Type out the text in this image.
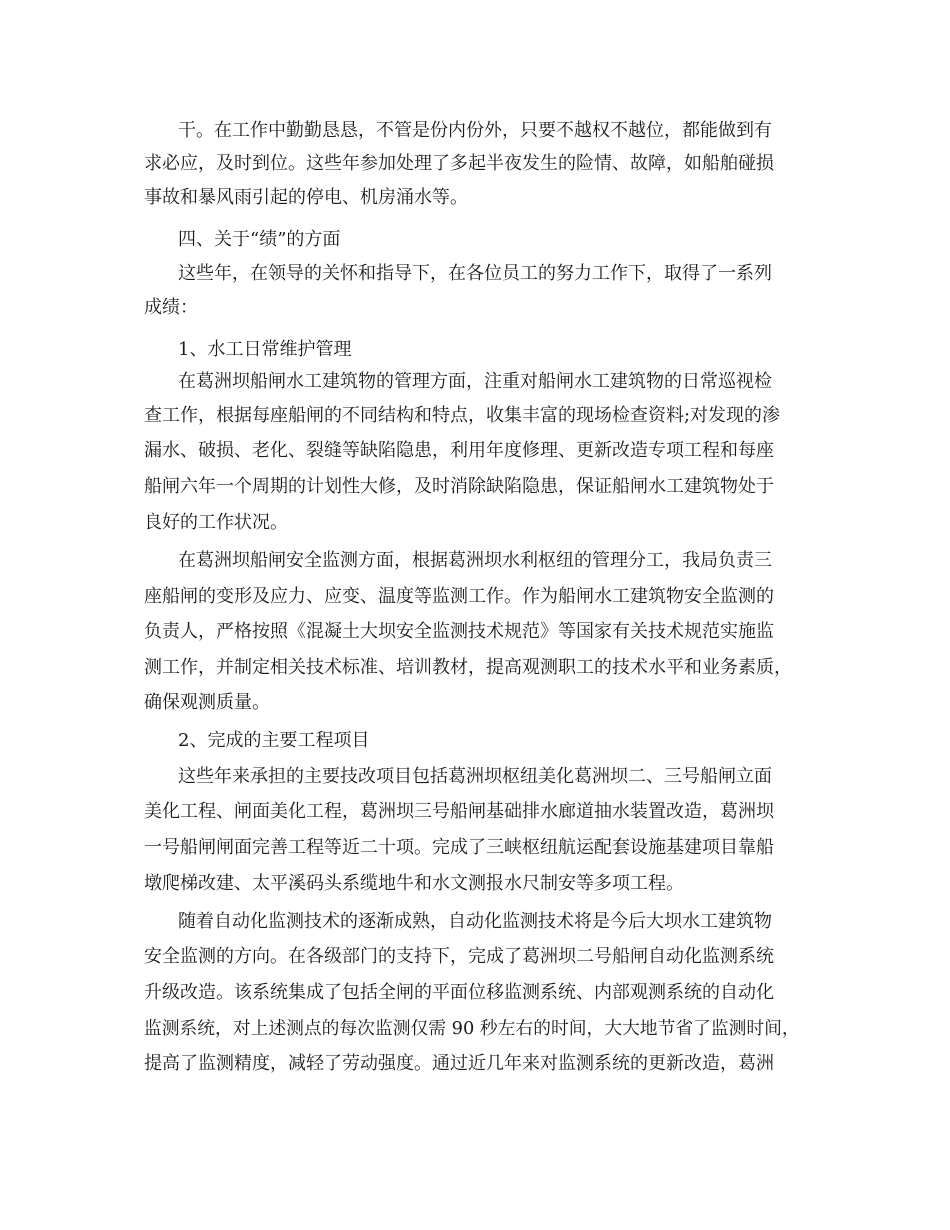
干。在工作中勤勤恳恳，不管是份内份外，只要不越权不越位，都能做到有
求必应，及时到位。这些年参加处理了多起半夜发生的险情、故障，如船舶碰损
事故和暴风雨引起的停电、机房涌水等。
四、关于“绩”的方面
这些年，在领导的关怀和指导下，在各位员工的努力工作下，取得了一系列
成绩：
1、水工日常维护管理
在葛洲坝船闸水工建筑物的管理方面，注重对船闸水工建筑物的日常巡视检
查工作，根据每座船闸的不同结构和特点，收集丰富的现场检查资料;对发现的渗
漏水、破损、老化、裂缝等缺陷隐患，利用年度修理、更新改造专项工程和每座
船闸六年一个周期的计划性大修，及时消除缺陷隐患，保证船闸水工建筑物处于
良好的工作状况。
在葛洲坝船闸安全监测方面，根据葛洲坝水利枢纽的管理分工，我局负责三
座船闸的变形及应力、应变、温度等监测工作。作为船闸水工建筑物安全监测的
负责人，严格按照《混凝土大坝安全监测技术规范》等国家有关技术规范实施监
测工作，并制定相关技术标准、培训教材，提高观测职工的技术水平和业务素质，
确保观测质量。
2、完成的主要工程项目
这些年来承担的主要技改项目包括葛洲坝枢纽美化葛洲坝二、三号船闸立面
美化工程、闸面美化工程，葛洲坝三号船闸基础排水廊道抽水装置改造，葛洲坝
一号船闸闸面完善工程等近二十项。完成了三峡枢纽航运配套设施基建项目靠船
墩爬梯改建、太平溪码头系缆地牛和水文测报水尺制安等多项工程。
随着自动化监测技术的逐渐成熟，自动化监测技术将是今后大坝水工建筑物
安全监测的方向。在各级部门的支持下，完成了葛洲坝二号船闸自动化监测系统
升级改造。该系统集成了包括全闸的平面位移监测系统、内部观测系统的自动化
监测系统，对上述测点的每次监测仅需 90 秒左右的时间，大大地节省了监测时间，
提高了监测精度，减轻了劳动强度。通过近几年来对监测系统的更新改造，葛洲
